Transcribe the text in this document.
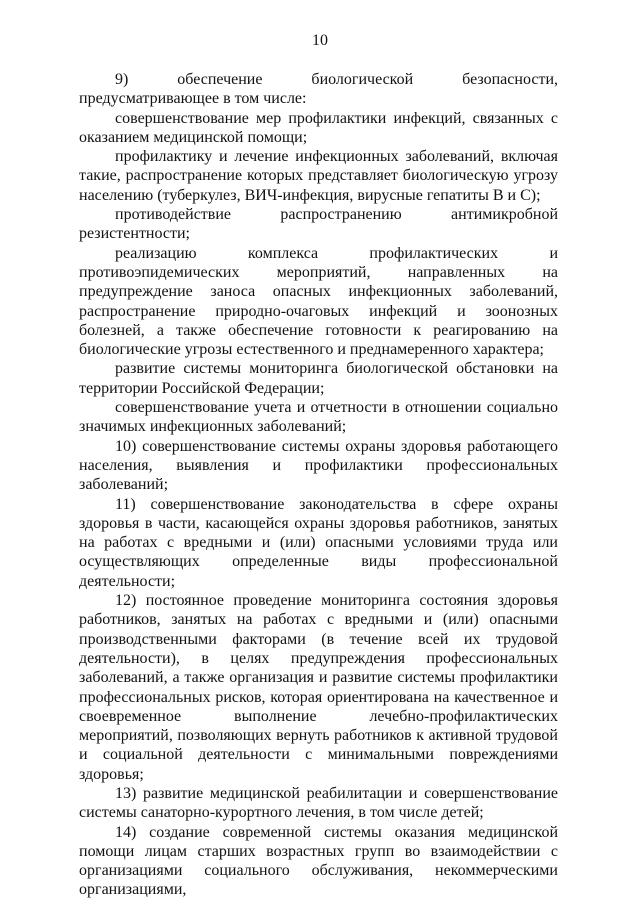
10

9) обеспечение биологической безопасности, предусматривающее в том числе:

совершенствование мер профилактики инфекций, связанных с оказанием медицинской помощи;

профилактику и лечение инфекционных заболеваний, включая такие, распространение которых представляет биологическую угрозу населению (туберкулез, ВИЧ-инфекция, вирусные гепатиты В и С);

противодействие распространению антимикробной резистентности;

реализацию комплекса профилактических и противоэпидемических мероприятий, направленных на предупреждение заноса опасных инфекционных заболеваний, распространение природно-очаговых инфекций и зоонозных болезней, а также обеспечение готовности к реагированию на биологические угрозы естественного и преднамеренного характера;

развитие системы мониторинга биологической обстановки на территории Российской Федерации;

совершенствование учета и отчетности в отношении социально значимых инфекционных заболеваний;

10) совершенствование системы охраны здоровья работающего населения, выявления и профилактики профессиональных заболеваний;

11) совершенствование законодательства в сфере охраны здоровья в части, касающейся охраны здоровья работников, занятых на работах с вредными и (или) опасными условиями труда или осуществляющих определенные виды профессиональной деятельности;

12) постоянное проведение мониторинга состояния здоровья работников, занятых на работах с вредными и (или) опасными производственными факторами (в течение всей их трудовой деятельности), в целях предупреждения профессиональных заболеваний, а также организация и развитие системы профилактики профессиональных рисков, которая ориентирована на качественное и своевременное выполнение лечебно-профилактических мероприятий, позволяющих вернуть работников к активной трудовой и социальной деятельности с минимальными повреждениями здоровья;

13) развитие медицинской реабилитации и совершенствование системы санаторно-курортного лечения, в том числе детей;

14) создание современной системы оказания медицинской помощи лицам старших возрастных групп во взаимодействии с организациями социального обслуживания, некоммерческими организациями,
